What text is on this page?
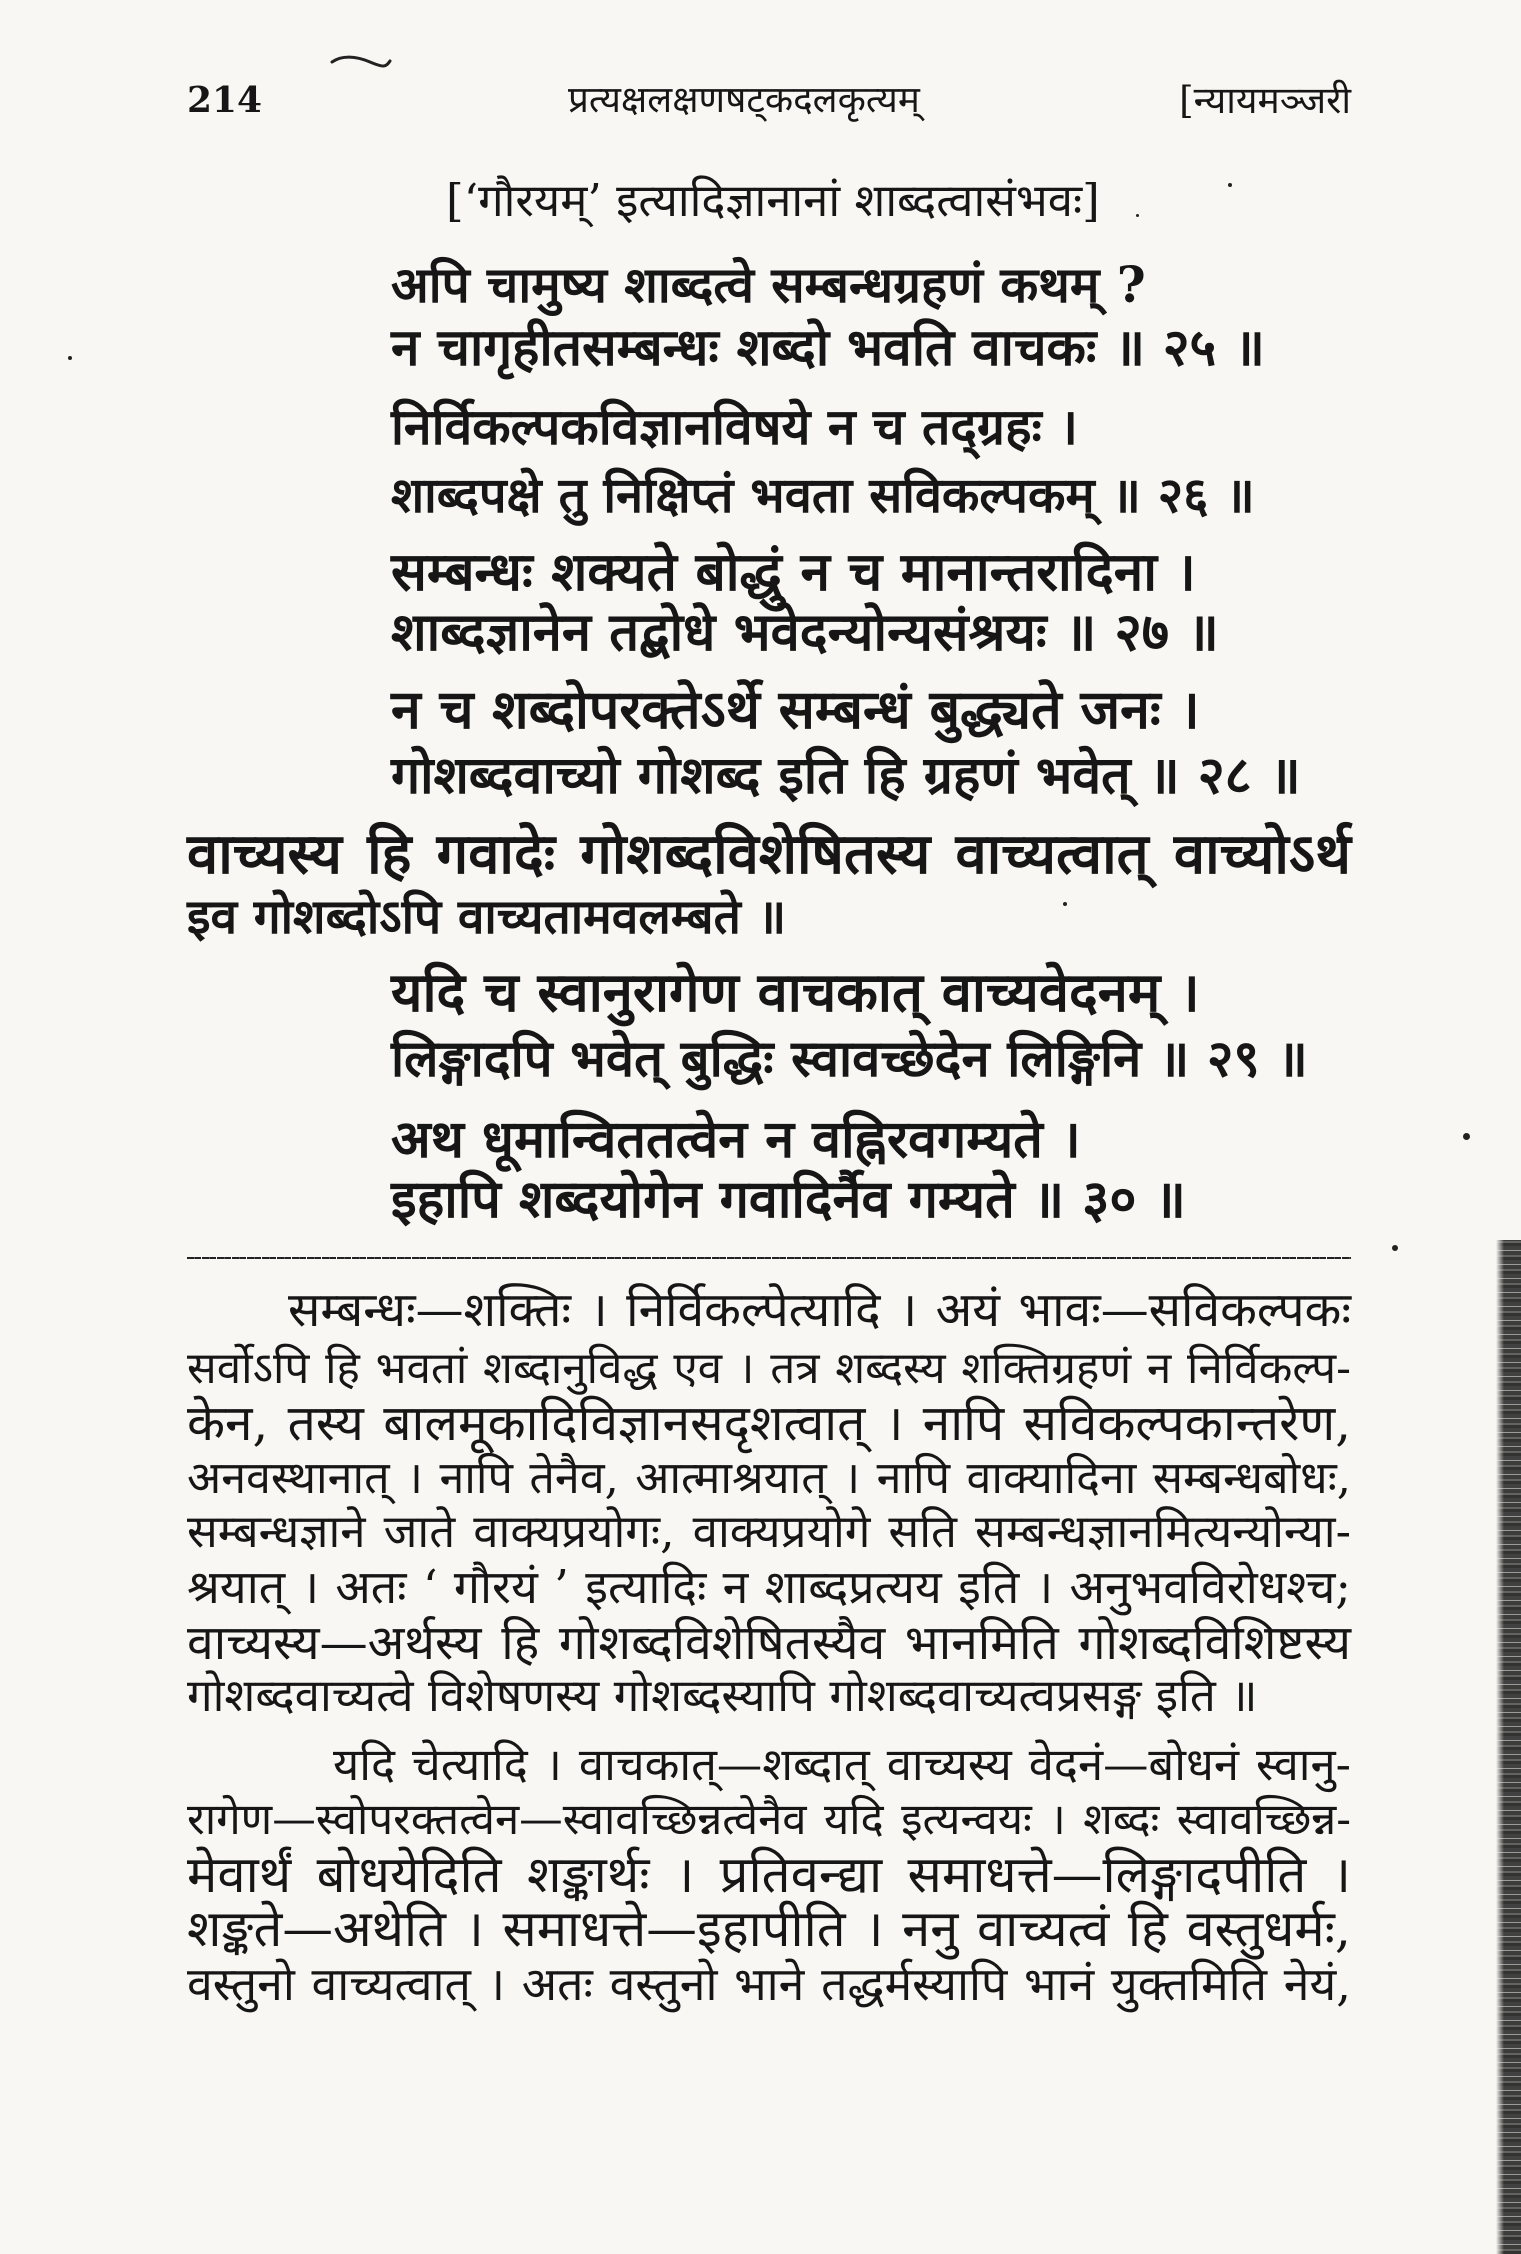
214	प्रत्यक्षलक्षणषट्कदलकृत्यम्	[न्यायमञ्जरी
[‘गौरयम्’ इत्यादिज्ञानानां शाब्दत्वासंभवः]
अपि चामुष्य शाब्दत्वे सम्बन्धग्रहणं कथम् ?
न चागृहीतसम्बन्धः शब्दो भवति वाचकः ॥ २५ ॥
निर्विकल्पकविज्ञानविषये न च तद्ग्रहः ।
शाब्दपक्षे तु निक्षिप्तं भवता सविकल्पकम् ॥ २६ ॥
सम्बन्धः शक्यते बोद्धुं न च मानान्तरादिना ।
शाब्दज्ञानेन तद्बोधे भवेदन्योन्यसंश्रयः ॥ २७ ॥
न च शब्दोपरक्तेऽर्थे सम्बन्धं बुद्ध्यते जनः ।
गोशब्दवाच्यो गोशब्द इति हि ग्रहणं भवेत् ॥ २८ ॥
वाच्यस्य हि गवादेः गोशब्दविशेषितस्य वाच्यत्वात् वाच्योऽर्थ
इव गोशब्दोऽपि वाच्यतामवलम्बते ॥
यदि च स्वानुरागेण वाचकात् वाच्यवेदनम् ।
लिङ्गादपि भवेत् बुद्धिः स्वावच्छेदेन लिङ्गिनि ॥ २९ ॥
अथ धूमान्विततत्वेन न वह्निरवगम्यते ।
इहापि शब्दयोगेन गवादिर्नैव गम्यते ॥ ३० ॥
सम्बन्धः—शक्तिः । निर्विकल्पेत्यादि । अयं भावः—सविकल्पकः
सर्वोऽपि हि भवतां शब्दानुविद्ध एव । तत्र शब्दस्य शक्तिग्रहणं न निर्विकल्प-
केन, तस्य बालमूकादिविज्ञानसदृशत्वात् । नापि सविकल्पकान्तरेण,
अनवस्थानात् । नापि तेनैव, आत्माश्रयात् । नापि वाक्यादिना सम्बन्धबोधः,
सम्बन्धज्ञाने जाते वाक्यप्रयोगः, वाक्यप्रयोगे सति सम्बन्धज्ञानमित्यन्योन्या-
श्रयात् । अतः ‘ गौरयं ’ इत्यादिः न शाब्दप्रत्यय इति । अनुभवविरोधश्च;
वाच्यस्य—अर्थस्य हि गोशब्दविशेषितस्यैव भानमिति गोशब्दविशिष्टस्य
गोशब्दवाच्यत्वे विशेषणस्य गोशब्दस्यापि गोशब्दवाच्यत्वप्रसङ्ग इति ॥
यदि चेत्यादि । वाचकात्—शब्दात् वाच्यस्य वेदनं—बोधनं स्वानु-
रागेण—स्वोपरक्तत्वेन—स्वावच्छिन्नत्वेनैव यदि इत्यन्वयः । शब्दः स्वावच्छिन्न-
मेवार्थं बोधयेदिति शङ्कार्थः । प्रतिवन्द्या समाधत्ते—लिङ्गादपीति ।
शङ्कते—अथेति । समाधत्ते—इहापीति । ननु वाच्यत्वं हि वस्तुधर्मः,
वस्तुनो वाच्यत्वात् । अतः वस्तुनो भाने तद्धर्मस्यापि भानं युक्तमिति नेयं,
